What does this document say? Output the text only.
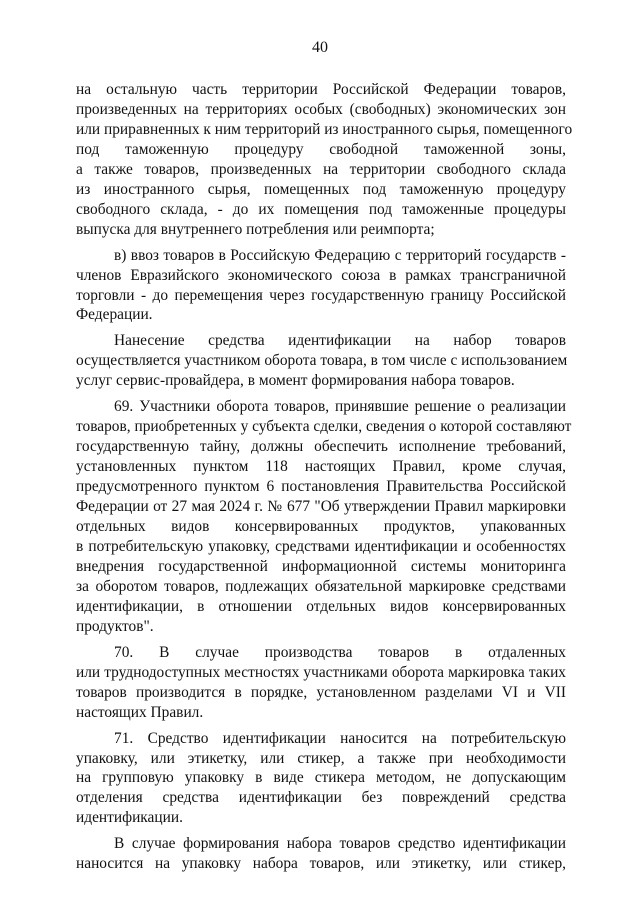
40

на остальную часть территории Российской Федерации товаров,
произведенных на территориях особых (свободных) экономических зон
или приравненных к ним территорий из иностранного сырья, помещенного
под таможенную процедуру свободной таможенной зоны,
а также товаров, произведенных на территории свободного склада
из иностранного сырья, помещенных под таможенную процедуру
свободного склада, - до их помещения под таможенные процедуры
выпуска для внутреннего потребления или реимпорта;

в) ввоз товаров в Российскую Федерацию с территорий государств -
членов Евразийского экономического союза в рамках трансграничной
торговли - до перемещения через государственную границу Российской
Федерации.

Нанесение средства идентификации на набор товаров
осуществляется участником оборота товара, в том числе с использованием
услуг сервис-провайдера, в момент формирования набора товаров.

69. Участники оборота товаров, принявшие решение о реализации
товаров, приобретенных у субъекта сделки, сведения о которой составляют
государственную тайну, должны обеспечить исполнение требований,
установленных пунктом 118 настоящих Правил, кроме случая,
предусмотренного пунктом 6 постановления Правительства Российской
Федерации от 27 мая 2024 г. № 677 "Об утверждении Правил маркировки
отдельных видов консервированных продуктов, упакованных
в потребительскую упаковку, средствами идентификации и особенностях
внедрения государственной информационной системы мониторинга
за оборотом товаров, подлежащих обязательной маркировке средствами
идентификации, в отношении отдельных видов консервированных
продуктов".

70. В случае производства товаров в отдаленных
или труднодоступных местностях участниками оборота маркировка таких
товаров производится в порядке, установленном разделами VI и VII
настоящих Правил.

71. Средство идентификации наносится на потребительскую
упаковку, или этикетку, или стикер, а также при необходимости
на групповую упаковку в виде стикера методом, не допускающим
отделения средства идентификации без повреждений средства
идентификации.

В случае формирования набора товаров средство идентификации
наносится на упаковку набора товаров, или этикетку, или стикер,
